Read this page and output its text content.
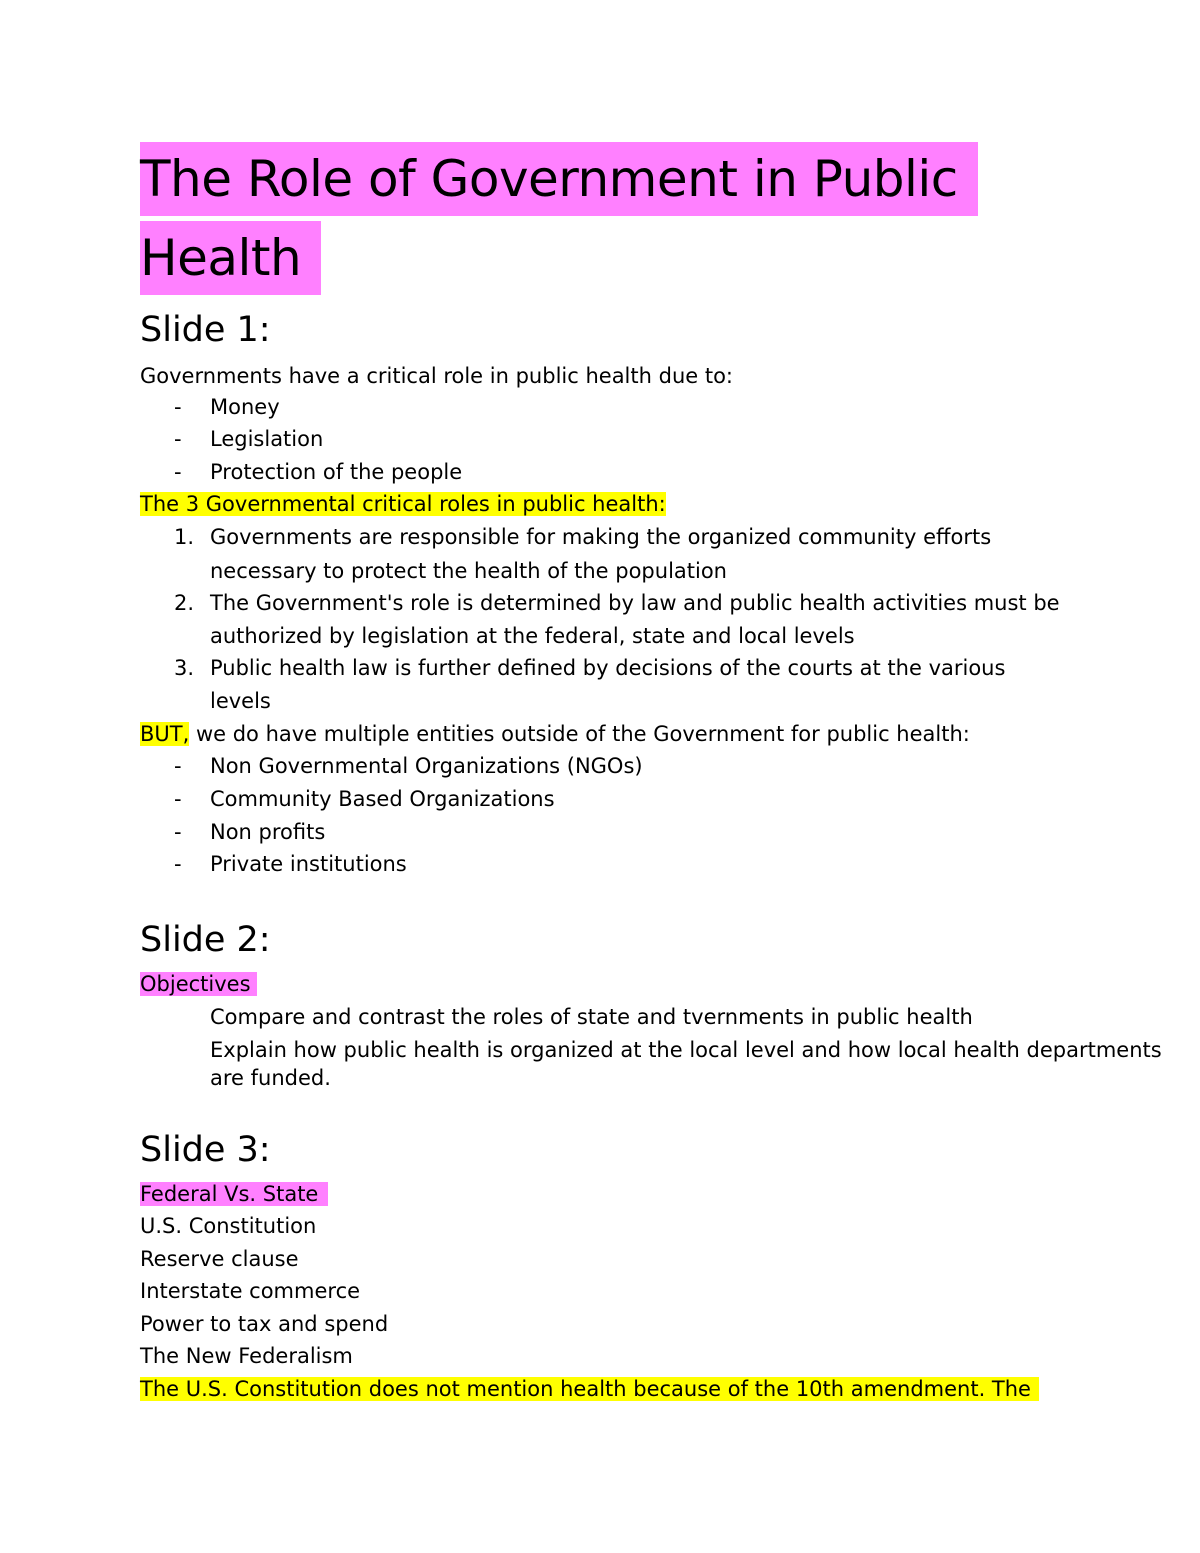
The Role of Government in Public
Health
Slide 1:
Governments have a critical role in public health due to:
- Money
- Legislation
- Protection of the people
The 3 Governmental critical roles in public health:
1. Governments are responsible for making the organized community efforts
necessary to protect the health of the population
2. The Government's role is determined by law and public health activities must be
authorized by legislation at the federal, state and local levels
3. Public health law is further defined by decisions of the courts at the various
levels
BUT, we do have multiple entities outside of the Government for public health:
- Non Governmental Organizations (NGOs)
- Community Based Organizations
- Non profits
- Private institutions
Slide 2:
Objectives
Compare and contrast the roles of state and tvernments in public health
Explain how public health is organized at the local level and how local health departments
are funded.
Slide 3:
Federal Vs. State
U.S. Constitution
Reserve clause
Interstate commerce
Power to tax and spend
The New Federalism
The U.S. Constitution does not mention health because of the 10th amendment. The
